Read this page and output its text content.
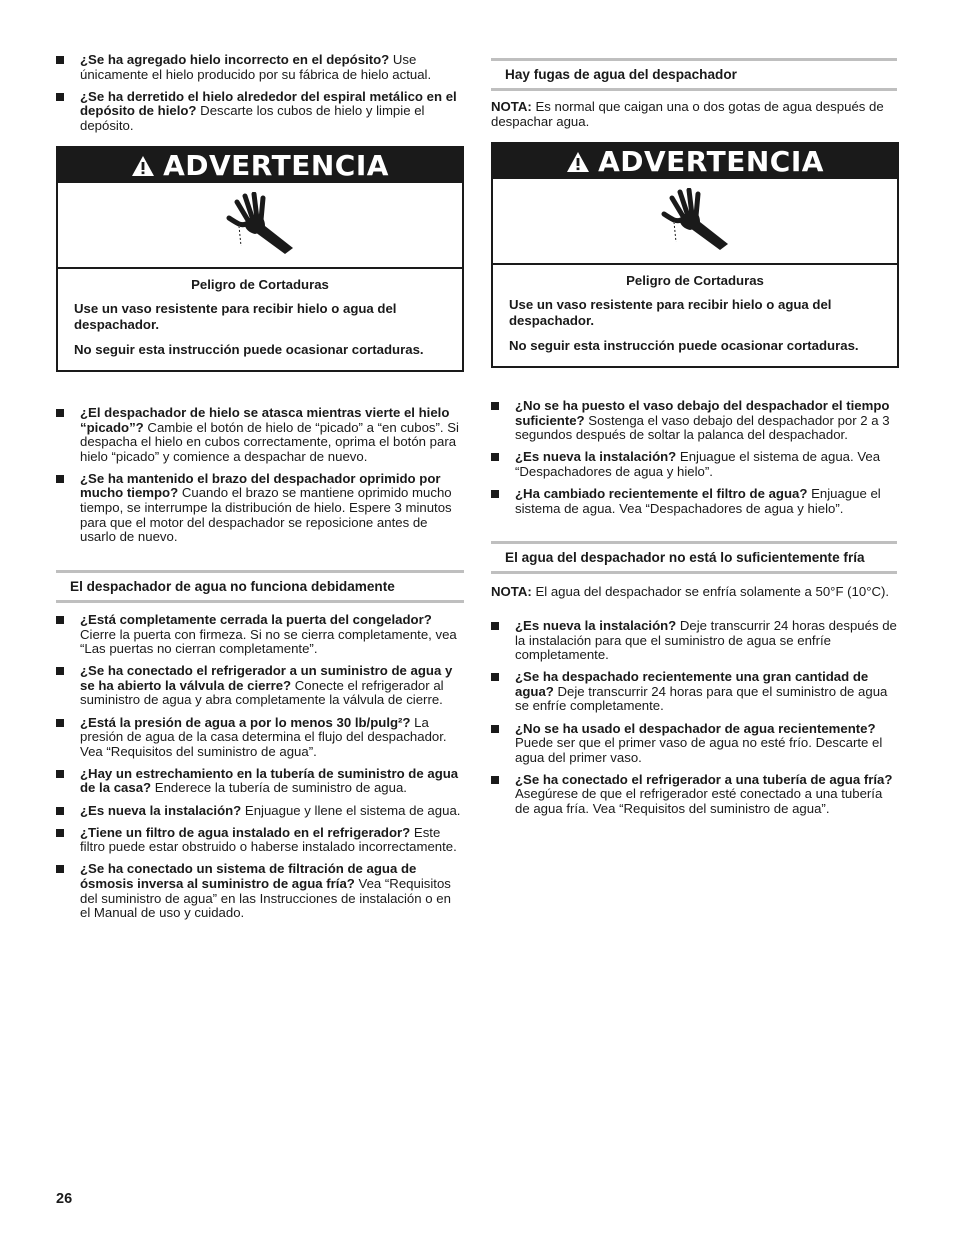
¿Se ha agregado hielo incorrecto en el depósito? Use únicamente el hielo producido por su fábrica de hielo actual.
¿Se ha derretido el hielo alrededor del espiral metálico en el depósito de hielo? Descarte los cubos de hielo y limpie el depósito.
ADVERTENCIA
Peligro de Cortaduras

Use un vaso resistente para recibir hielo o agua del despachador.

No seguir esta instrucción puede ocasionar cortaduras.

¿El despachador de hielo se atasca mientras vierte el hielo “picado”? Cambie el botón de hielo de “picado” a “en cubos”. Si despacha el hielo en cubos correctamente, oprima el botón para hielo “picado” y comience a despachar de nuevo.
¿Se ha mantenido el brazo del despachador oprimido por mucho tiempo? Cuando el brazo se mantiene oprimido mucho tiempo, se interrumpe la distribución de hielo. Espere 3 minutos para que el motor del despachador se reposicione antes de usarlo de nuevo.
El despachador de agua no funciona debidamente
¿Está completamente cerrada la puerta del congelador? Cierre la puerta con firmeza. Si no se cierra completamente, vea “Las puertas no cierran completamente”.
¿Se ha conectado el refrigerador a un suministro de agua y se ha abierto la válvula de cierre? Conecte el refrigerador al suministro de agua y abra completamente la válvula de cierre.
¿Está la presión de agua a por lo menos 30 lb/pulg²? La presión de agua de la casa determina el flujo del despachador. Vea “Requisitos del suministro de agua”.
¿Hay un estrechamiento en la tubería de suministro de agua de la casa? Enderece la tubería de suministro de agua.
¿Es nueva la instalación? Enjuague y llene el sistema de agua.
¿Tiene un filtro de agua instalado en el refrigerador? Este filtro puede estar obstruido o haberse instalado incorrectamente.
¿Se ha conectado un sistema de filtración de agua de ósmosis inversa al suministro de agua fría? Vea “Requisitos del suministro de agua” en las Instrucciones de instalación o en el Manual de uso y cuidado.
Hay fugas de agua del despachador

NOTA: Es normal que caigan una o dos gotas de agua después de despachar agua.

ADVERTENCIA
Peligro de Cortaduras

Use un vaso resistente para recibir hielo o agua del despachador.

No seguir esta instrucción puede ocasionar cortaduras.

¿No se ha puesto el vaso debajo del despachador el tiempo suficiente? Sostenga el vaso debajo del despachador por 2 a 3 segundos después de soltar la palanca del despachador.
¿Es nueva la instalación? Enjuague el sistema de agua. Vea “Despachadores de agua y hielo”.
¿Ha cambiado recientemente el filtro de agua? Enjuague el sistema de agua. Vea “Despachadores de agua y hielo”.
El agua del despachador no está lo suficientemente fría

NOTA: El agua del despachador se enfría solamente a 50°F (10°C).

¿Es nueva la instalación? Deje transcurrir 24 horas después de la instalación para que el suministro de agua se enfríe completamente.
¿Se ha despachado recientemente una gran cantidad de agua? Deje transcurrir 24 horas para que el suministro de agua se enfríe completamente.
¿No se ha usado el despachador de agua recientemente? Puede ser que el primer vaso de agua no esté frío. Descarte el agua del primer vaso.
¿Se ha conectado el refrigerador a una tubería de agua fría? Asegúrese de que el refrigerador esté conectado a una tubería de agua fría. Vea “Requisitos del suministro de agua”.
26
